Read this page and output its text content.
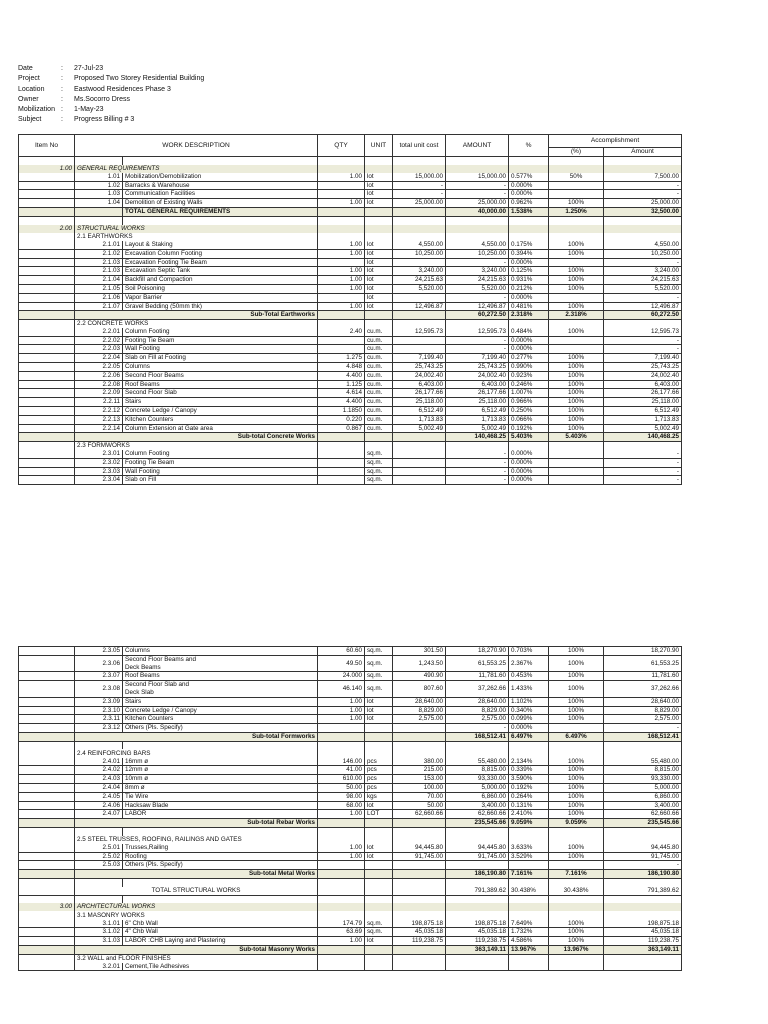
Date	:	27-Jul-23
Project	:	Proposed Two Storey Residential Building
Location	:	Eastwood Residences Phase 3
Owner	:	Ms.Socorro Dress
Mobilization :	1-May-23
Subject	:	Progress Billing # 3
Item No	WORK DESCRIPTION		QTY	UNIT	total unit cost	AMOUNT	%	Accomplishment	
								(%)	Amount

1.00	GENERAL REQUIREMENTS								
	1.01	Mobilization/Demobilization	1.00	lot	15,000.00	15,000.00	0.577%	50%	7,500.00
	1.02	Barracks & Warehouse		lot	-	-	0.000%		-
	1.03	Communication Facilities		lot	-	-	0.000%		-
	1.04	Demolition of Existing Walls	1.00	lot	25,000.00	25,000.00	0.962%	100%	25,000.00

		TOTAL GENERAL REQUIREMENTS				40,000.00	1.538%	1.250%	32,500.00

2.00	STRUCTURAL WORKS								
	2.1 EARTHWORKS								
	2.1.01	Layout & Staking	1.00	lot	4,550.00	4,550.00	0.175%	100%	4,550.00
	2.1.02	Excavation Column Footing	1.00	lot	10,250.00	10,250.00	0.394%	100%	10,250.00
	2.1.03	Excavation Footing Tie Beam		lot		-	0.000%		-
	2.1.03	Excavation Septic Tank	1.00	lot	3,240.00	3,240.00	0.125%	100%	3,240.00
	2.1.04	Backfill and Compaction	1.00	lot	24,215.63	24,215.63	0.931%	100%	24,215.63
	2.1.05	Soil Poisoning	1.00	lot	5,520.00	5,520.00	0.212%	100%	5,520.00
	2.1.06	Vapor Barrier		lot		-	0.000%		-
	2.1.07	Gravel Bedding (50mm thk)	1.00	lot	12,496.87	12,496.87	0.481%	100%	12,496.87
	Sub-Total Earthworks					60,272.50	2.318%	2.318%	60,272.50
	2.2 CONCRETE WORKS								
	2.2.01	Column Footing	2.40	cu.m.	12,595.73	12,595.73	0.484%	100%	12,595.73
	2.2.02	Footing Tie Beam		cu.m.		-	0.000%		-
	2.2.03	Wall Footing		cu.m.		-	0.000%		-
	2.2.04	Slab on Fill at Footing	1.275	cu.m.	7,199.40	7,199.40	0.277%	100%	7,199.40
	2.2.05	Columns	4.848	cu.m.	25,743.25	25,743.25	0.990%	100%	25,743.25
	2.2.06	Second Floor Beams	4.400	cu.m.	24,002.40	24,002.40	0.923%	100%	24,002.40
	2.2.08	Roof Beams	1.125	cu.m.	6,403.00	6,403.00	0.246%	100%	6,403.00
	2.2.09	Second Floor Slab	4.614	cu.m.	26,177.66	26,177.66	1.007%	100%	26,177.66
	2.2.11	Stairs	4.400	cu.m.	25,118.00	25,118.00	0.966%	100%	25,118.00
	2.2.12	Concrete Ledge / Canopy	1.1850	cu.m.	6,512.49	6,512.49	0.250%	100%	6,512.49
	2.2.13	Kitchen Counters	0.220	cu.m.	1,713.83	1,713.83	0.066%	100%	1,713.83
	2.2.14	Column Extension at Gate area	0.867	cu.m.	5,002.49	5,002.49	0.192%	100%	5,002.49
	Sub-total Concrete Works					140,468.25	5.403%	5.403%	140,468.25
	2.3 FORMWORKS								
	2.3.01	Column Footing		sq.m.		-	0.000%		-
	2.3.02	Footing Tie Beam		sq.m.		-	0.000%		-
	2.3.03	Wall Footing		sq.m.		-	0.000%		-
	2.3.04	Slab on Fill		sq.m.		-	0.000%		-
	2.3.05	Columns	60.60	sq.m.	301.50	18,270.90	0.703%	100%	18,270.90
	2.3.06	Second Floor Beams and
Deck Beams	49.50	sq.m.	1,243.50	61,553.25	2.367%	100%	61,553.25
	2.3.07	Roof Beams	24.000	sq.m.	490.90	11,781.60	0.453%	100%	11,781.60
	2.3.08	Second Floor Slab and
Deck Slab	46.140	sq.m.	807.60	37,262.66	1.433%	100%	37,262.66
	2.3.09	Stairs	1.00	lot	28,640.00	28,640.00	1.102%	100%	28,640.00
	2.3.10	Concrete Ledge / Canopy	1.00	lot	8,829.00	8,829.00	0.340%	100%	8,829.00
	2.3.11	Kitchen Counters	1.00	lot	2,575.00	2,575.00	0.099%	100%	2,575.00
	2.3.12	Others (Pls. Specify)				-	0.000%		-
	Sub-total Formworks					168,512.41	6.497%	6.497%	168,512.41

	2.4 REINFORCING BARS								
	2.4.01	16mm ø	146.00	pcs	380.00	55,480.00	2.134%	100%	55,480.00
	2.4.02	12mm ø	41.00	pcs	215.00	8,815.00	0.339%	100%	8,815.00
	2.4.03	10mm ø	610.00	pcs	153.00	93,330.00	3.590%	100%	93,330.00
	2.4.04	8mm ø	50.00	pcs	100.00	5,000.00	0.192%	100%	5,000.00
	2.4.05	Tie Wire	98.00	kgs	70.00	6,860.00	0.264%	100%	6,860.00
	2.4.06	Hacksaw Blade	68.00	lot	50.00	3,400.00	0.131%	100%	3,400.00
	2.4.07	LABOR	1.00	LOT	62,660.66	62,660.66	2.410%	100%	62,660.66
	Sub-total Rebar Works					235,545.66	9.059%	9.059%	235,545.66

	2.5 STEEL TRUSSES, ROOFING, RAILINGS AND GATES								
	2.5.01	Trusses,Railing	1.00	lot	94,445.80	94,445.80	3.633%	100%	94,445.80
	2.5.02	Roofing	1.00	lot	91,745.00	91,745.00	3.529%	100%	91,745.00
	2.5.03	Others (Pls. Specify)							-
	Sub-total Metal Works					186,190.80	7.161%	7.161%	186,190.80

	TOTAL STRUCTURAL WORKS					791,389.62	30.438%	30.438%	791,389.62

3.00	ARCHITECTURAL WORKS								
	3.1 MASONRY WORKS								
	3.1.01	6" Chb Wall	174.79	sq.m.	198,875.18	198,875.18	7.649%	100%	198,875.18
	3.1.02	4" Chb Wall	63.69	sq.m.	45,035.18	45,035.18	1.732%	100%	45,035.18
	3.1.03	LABOR :CHB Laying and Plastering	1.00	lot	119,238.75	119,238.75	4.586%	100%	119,238.75
	Sub-total Masonry Works					363,149.11	13.967%	13.967%	363,149.11
	3.2 WALL and FLOOR FINISHES								
	3.2.01	Cement,Tile Adhesives							
